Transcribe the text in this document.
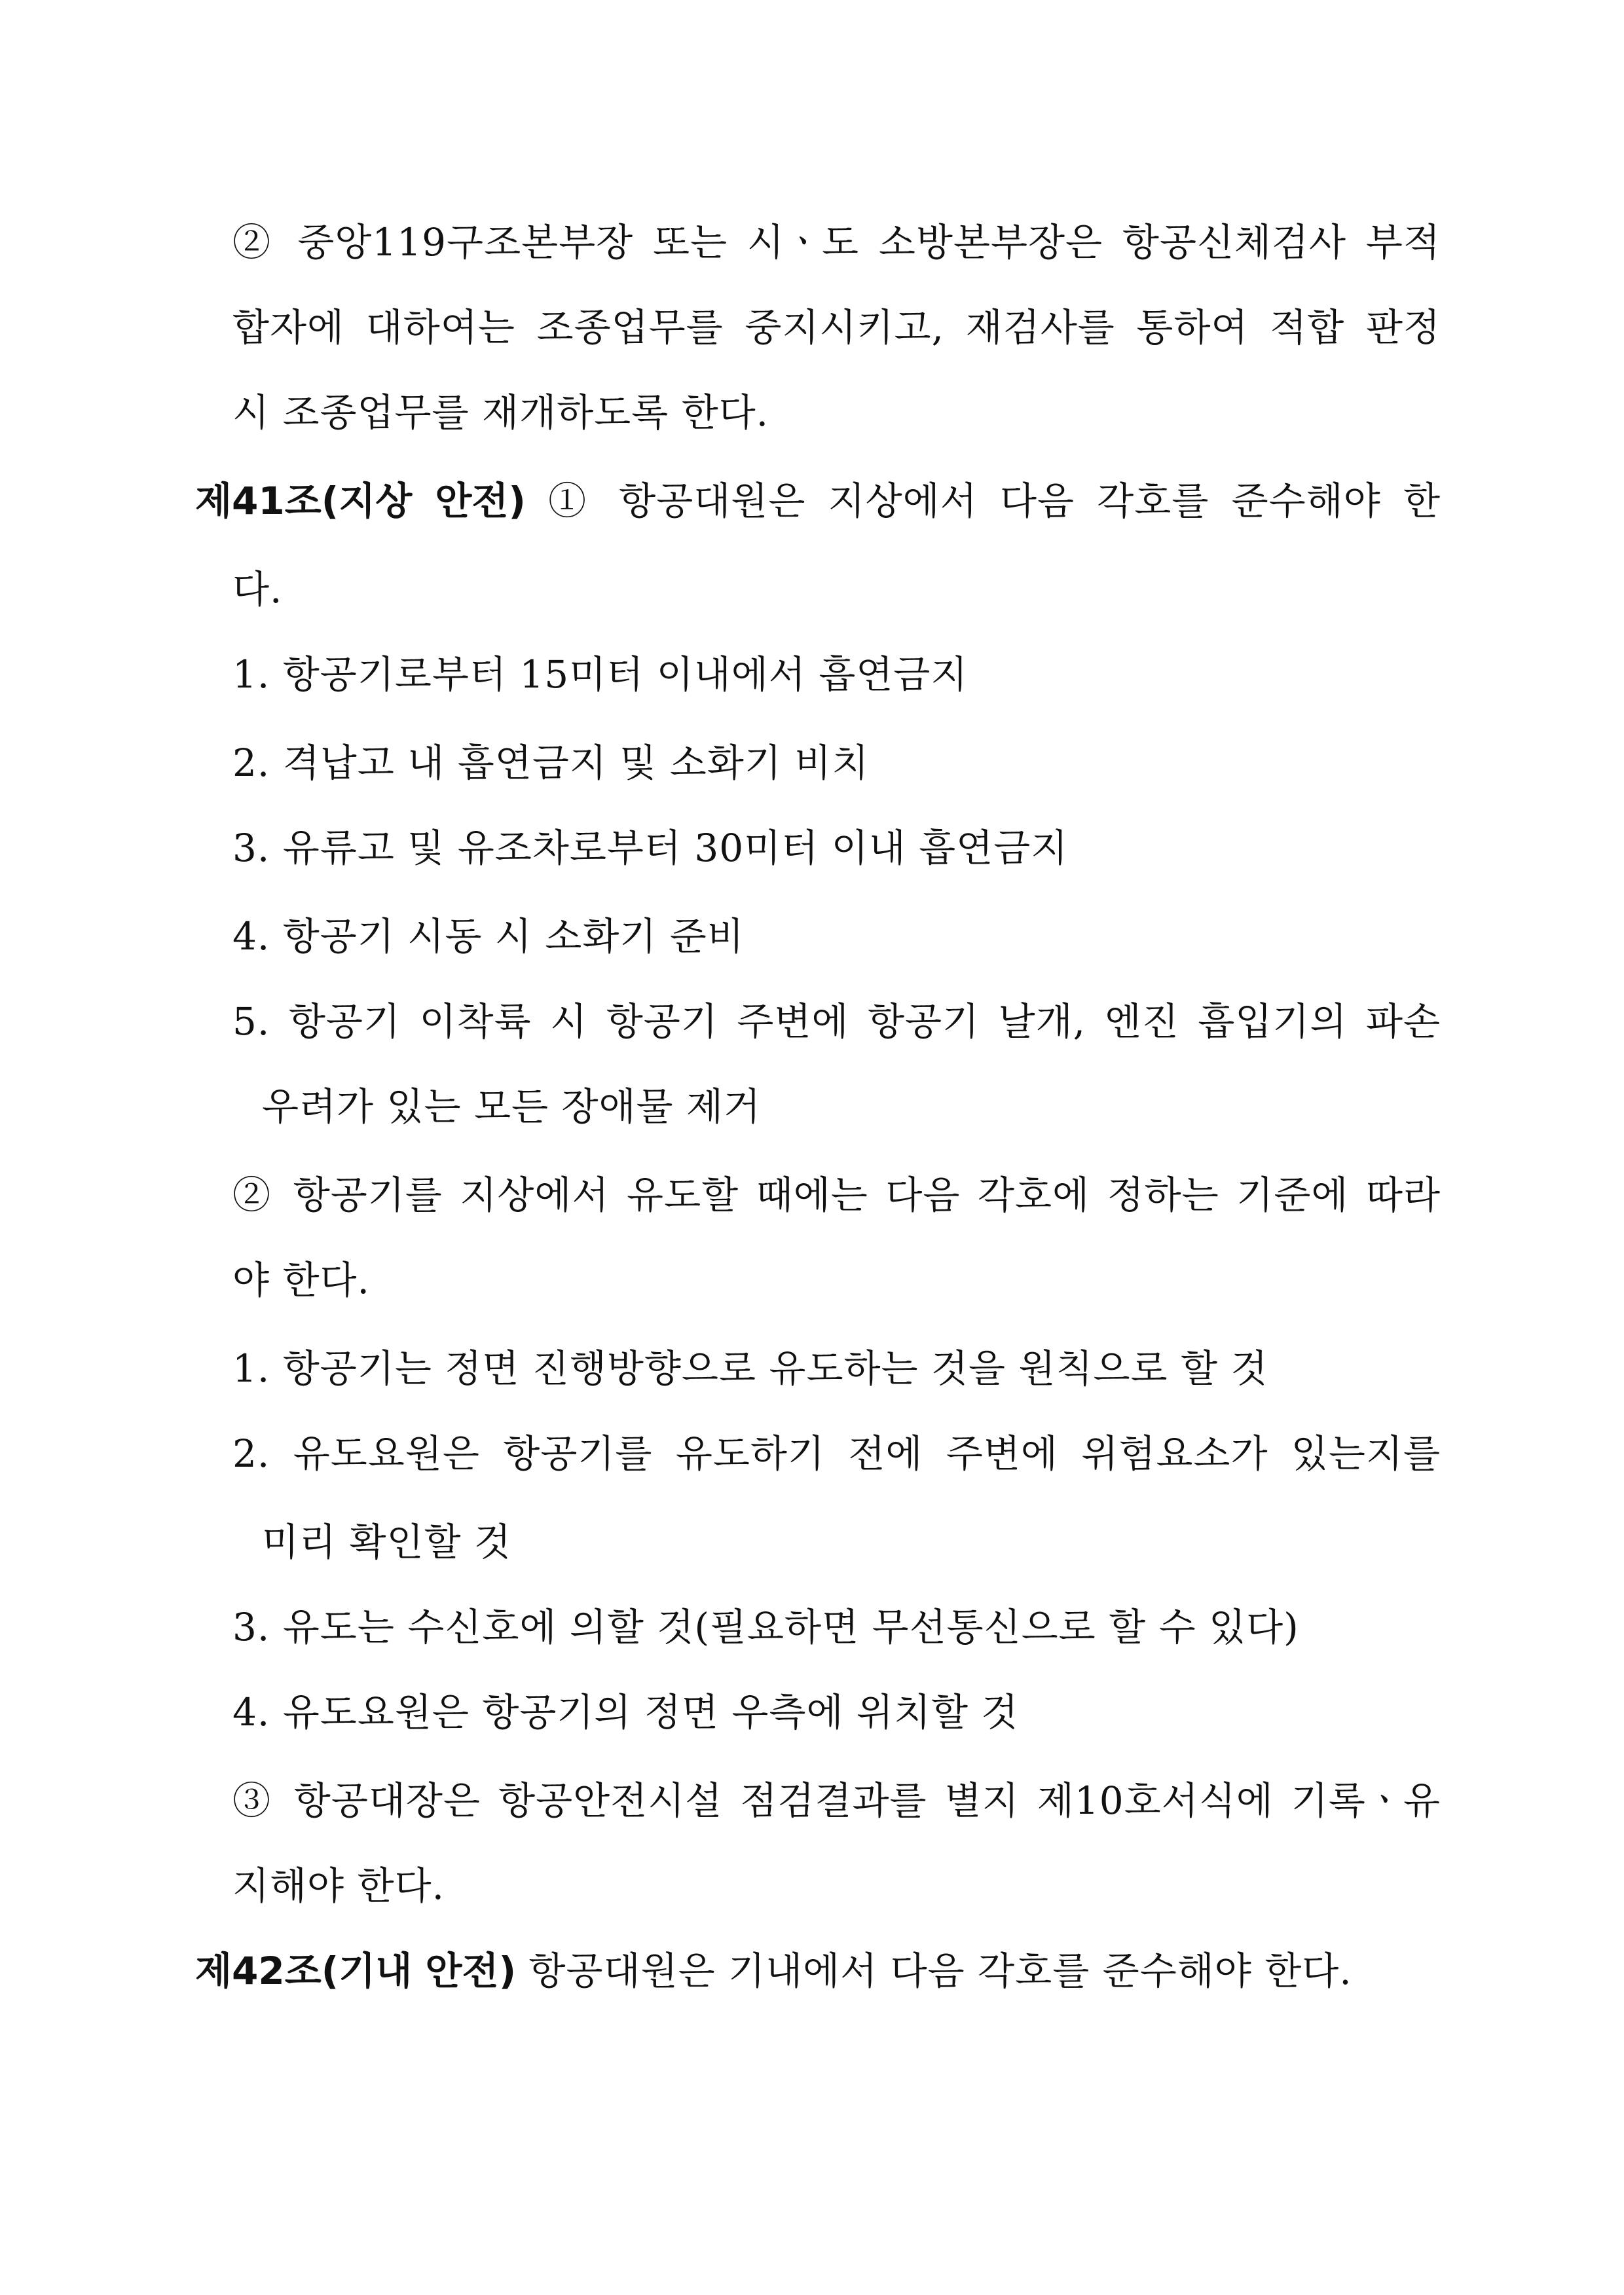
② 중앙119구조본부장 또는 시ㆍ도 소방본부장은 항공신체검사 부적
합자에 대하여는 조종업무를 중지시키고, 재검사를 통하여 적합 판정
시 조종업무를 재개하도록 한다.
제41조(지상 안전) ① 항공대원은 지상에서 다음 각호를 준수해야 한
다.
1. 항공기로부터 15미터 이내에서 흡연금지
2. 격납고 내 흡연금지 및 소화기 비치
3. 유류고 및 유조차로부터 30미터 이내 흡연금지
4. 항공기 시동 시 소화기 준비
5. 항공기 이착륙 시 항공기 주변에 항공기 날개, 엔진 흡입기의 파손
우려가 있는 모든 장애물 제거
② 항공기를 지상에서 유도할 때에는 다음 각호에 정하는 기준에 따라
야 한다.
1. 항공기는 정면 진행방향으로 유도하는 것을 원칙으로 할 것
2. 유도요원은 항공기를 유도하기 전에 주변에 위험요소가 있는지를
미리 확인할 것
3. 유도는 수신호에 의할 것(필요하면 무선통신으로 할 수 있다)
4. 유도요원은 항공기의 정면 우측에 위치할 것
③ 항공대장은 항공안전시설 점검결과를 별지 제10호서식에 기록ㆍ유
지해야 한다.
제42조(기내 안전) 항공대원은 기내에서 다음 각호를 준수해야 한다.
